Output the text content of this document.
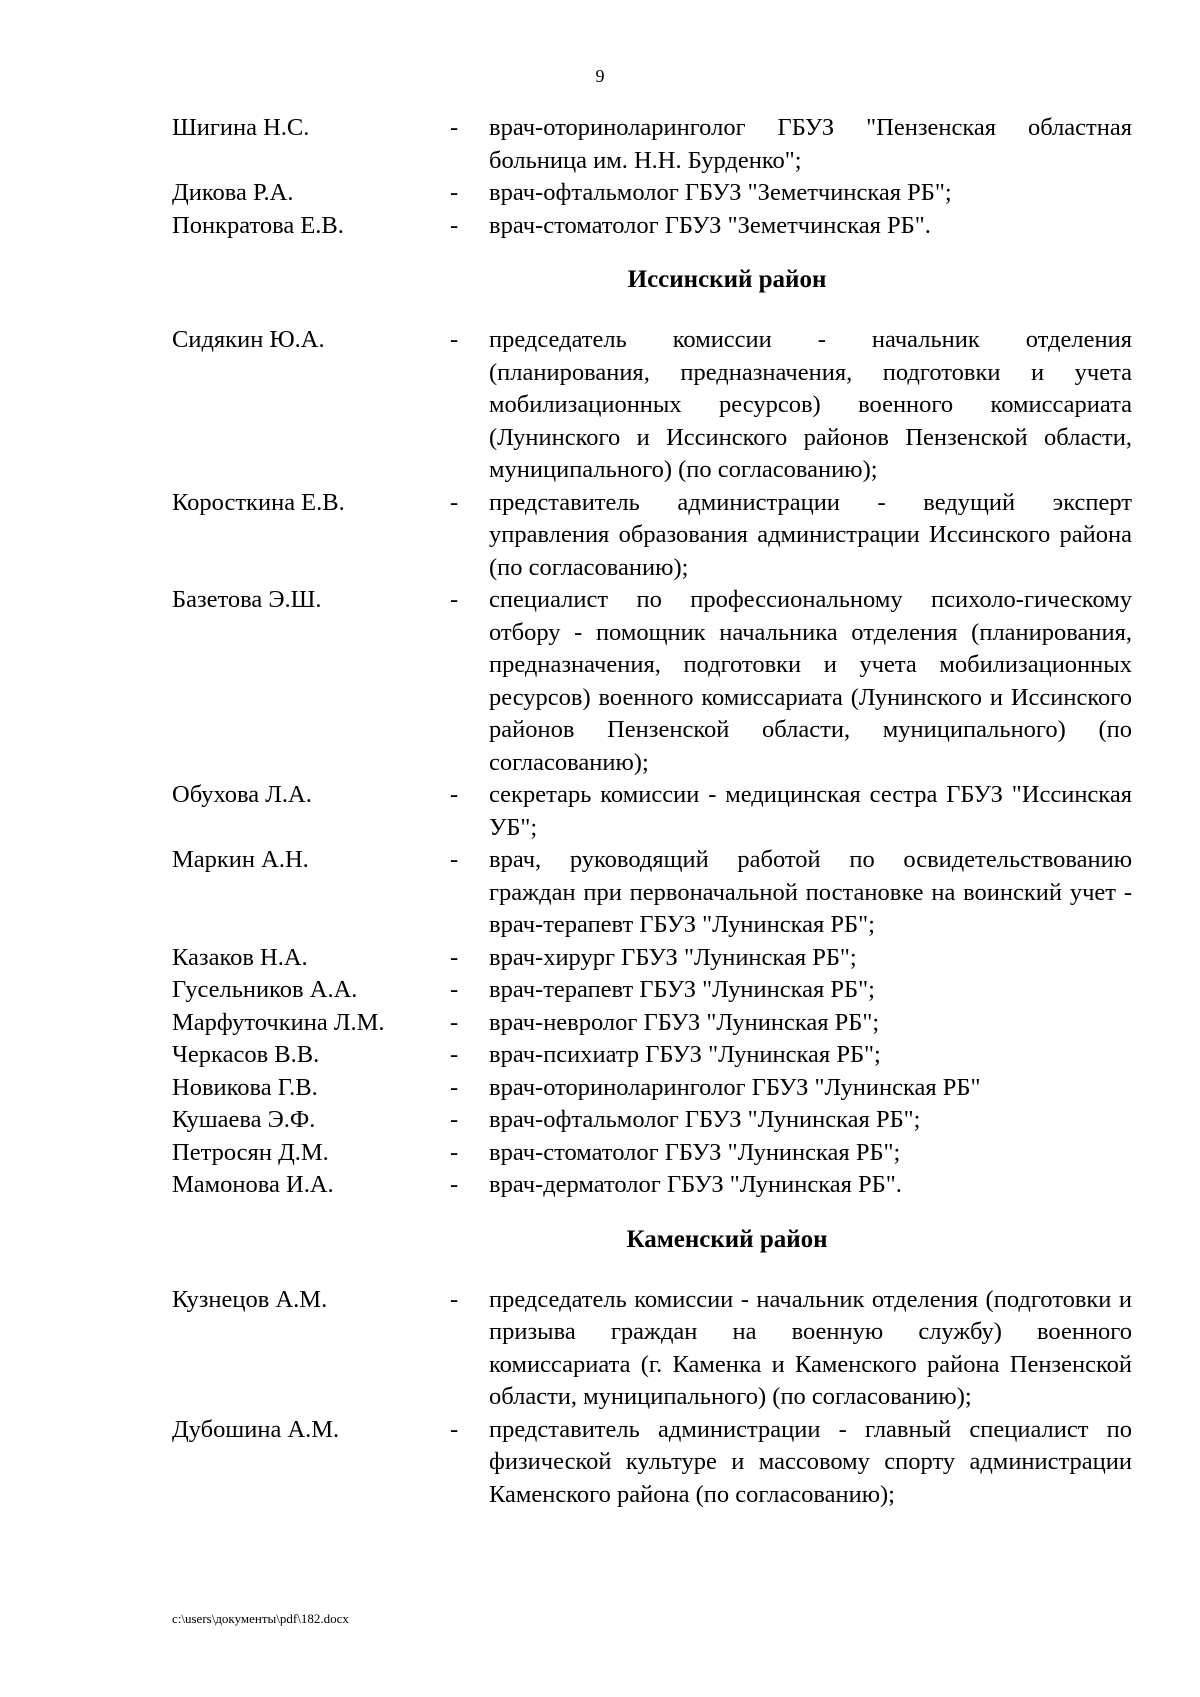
9
Шигина Н.С.	-	врач-оториноларинголог ГБУЗ "Пензенская областная больница им. Н.Н. Бурденко";
Дикова Р.А.	-	врач-офтальмолог ГБУЗ "Земетчинская РБ";
Понкратова Е.В.	-	врач-стоматолог ГБУЗ "Земетчинская РБ".
Иссинский район
Сидякин Ю.А.	-	председатель комиссии - начальник отделения (планирования, предназначения, подготовки и учета мобилизационных ресурсов) военного комиссариата (Лунинского и Иссинского районов Пензенской области, муниципального) (по согласованию);
Коросткина Е.В.	-	представитель администрации - ведущий эксперт управления образования администрации Иссинского района (по согласованию);
Базетова Э.Ш.	-	специалист по профессиональному психоло-гическому отбору - помощник начальника отделения (планирования, предназначения, подготовки и учета мобилизационных ресурсов) военного комиссариата (Лунинского и Иссинского районов Пензенской области, муниципального) (по согласованию);
Обухова Л.А.	-	секретарь комиссии - медицинская сестра ГБУЗ "Иссинская УБ";
Маркин А.Н.	-	врач, руководящий работой по освидетельствованию граждан при первоначальной постановке на воинский учет - врач-терапевт ГБУЗ "Лунинская РБ";
Казаков Н.А.	-	врач-хирург ГБУЗ "Лунинская РБ";
Гусельников А.А.	-	врач-терапевт ГБУЗ "Лунинская РБ";
Марфуточкина Л.М.	-	врач-невролог ГБУЗ "Лунинская РБ";
Черкасов В.В.	-	врач-психиатр ГБУЗ "Лунинская РБ";
Новикова Г.В.	-	врач-оториноларинголог ГБУЗ "Лунинская РБ"
Кушаева Э.Ф.	-	врач-офтальмолог ГБУЗ "Лунинская РБ";
Петросян Д.М.	-	врач-стоматолог ГБУЗ "Лунинская РБ";
Мамонова И.А.	-	врач-дерматолог ГБУЗ "Лунинская РБ".
Каменский район
Кузнецов А.М.	-	председатель комиссии - начальник отделения (подготовки и призыва граждан на военную службу) военного комиссариата (г. Каменка и Каменского района Пензенской области, муниципального) (по согласованию);
Дубошина А.М.	-	представитель администрации - главный специалист по физической культуре и массовому спорту администрации Каменского района (по согласованию);
c:\users\документы\pdf\182.docx
